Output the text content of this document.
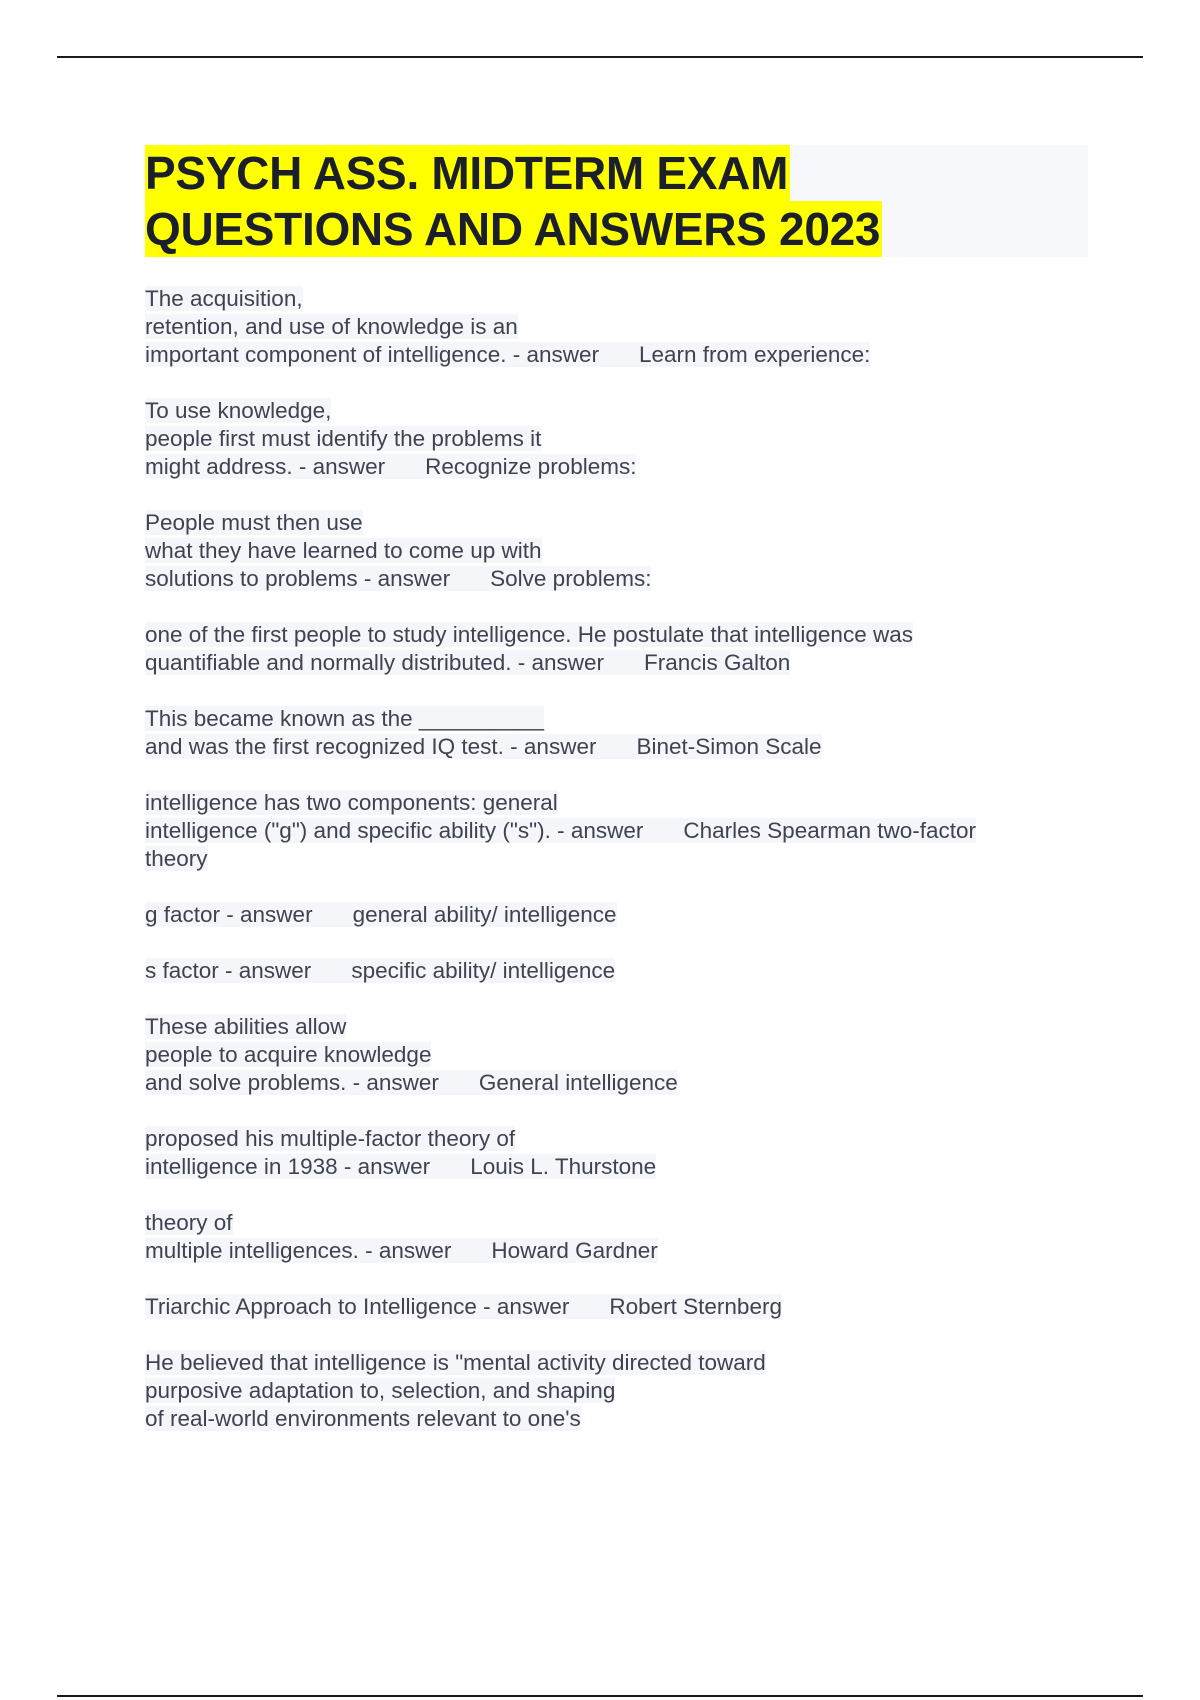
PSYCH ASS. MIDTERM EXAM
QUESTIONS AND ANSWERS 2023
The acquisition,
retention, and use of knowledge is an
important component of intelligence. - answer Learn from experience:
To use knowledge,
people first must identify the problems it
might address. - answer Recognize problems:
People must then use
what they have learned to come up with
solutions to problems - answer Solve problems:
one of the first people to study intelligence. He postulate that intelligence was
quantifiable and normally distributed. - answer Francis Galton
This became known as the __________
and was the first recognized IQ test. - answer Binet-Simon Scale
intelligence has two components: general
intelligence ("g") and specific ability ("s"). - answer Charles Spearman two-factor
theory
g factor - answer general ability/ intelligence
s factor - answer specific ability/ intelligence
These abilities allow
people to acquire knowledge
and solve problems. - answer General intelligence
proposed his multiple-factor theory of
intelligence in 1938 - answer Louis L. Thurstone
theory of
multiple intelligences. - answer Howard Gardner
Triarchic Approach to Intelligence - answer Robert Sternberg
He believed that intelligence is "mental activity directed toward
purposive adaptation to, selection, and shaping
of real-world environments relevant to one's
